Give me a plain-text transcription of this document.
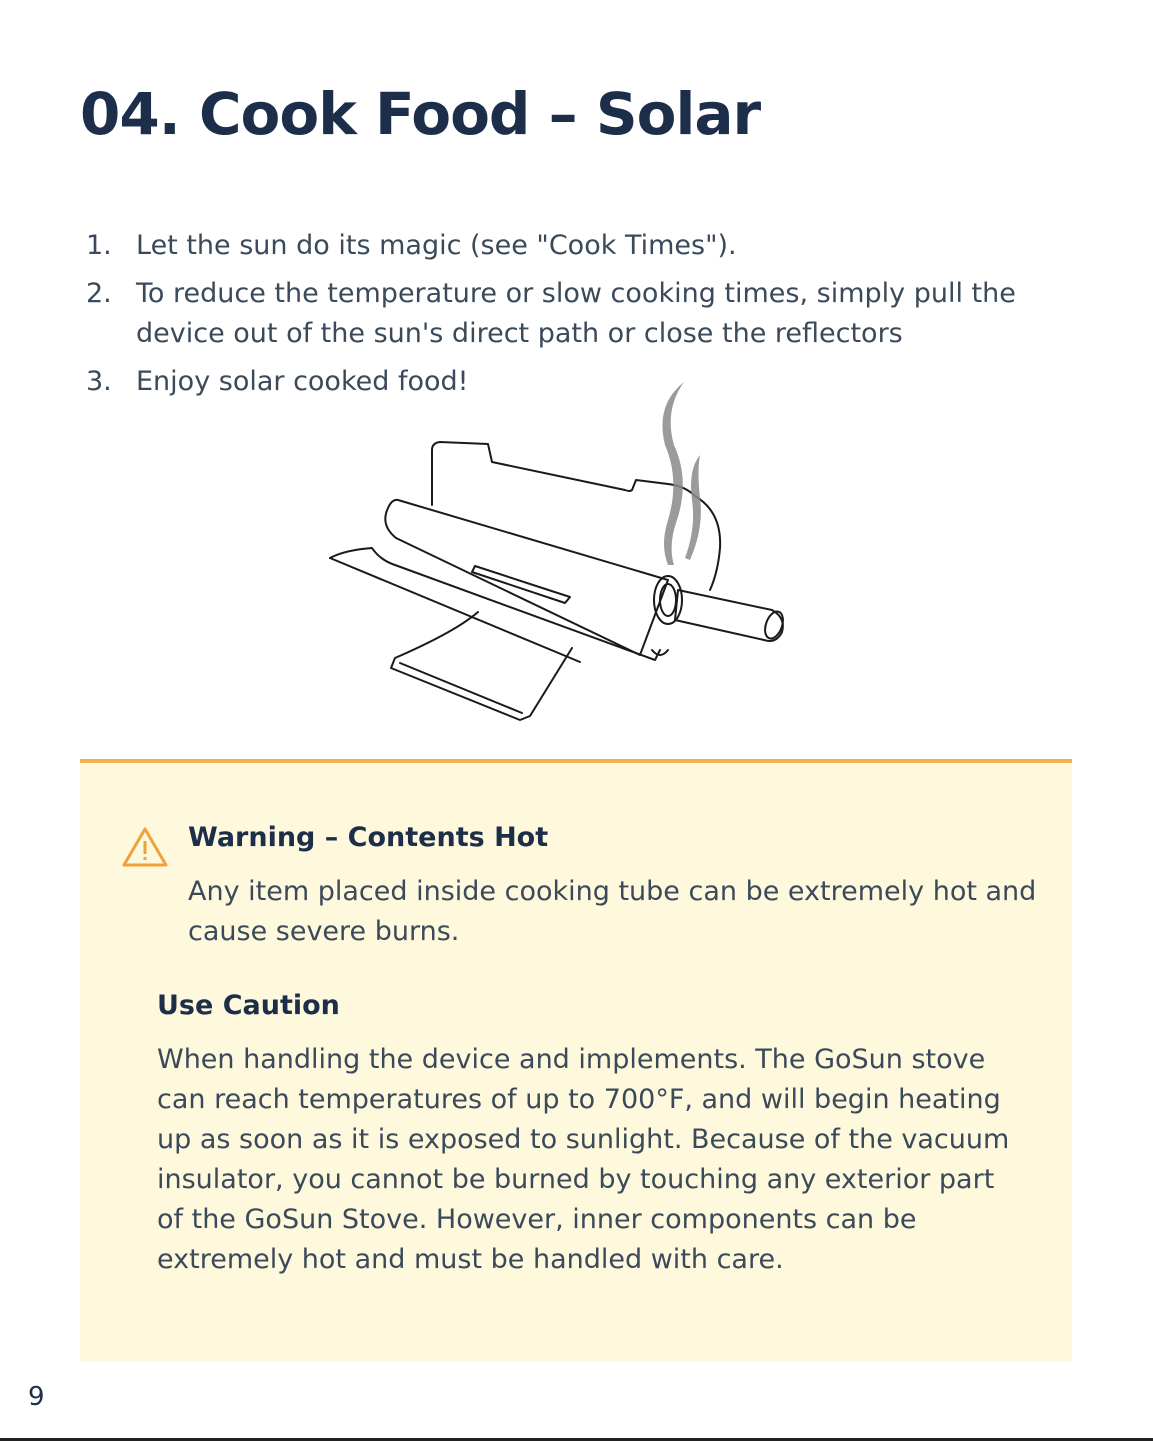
04. Cook Food – Solar
1. Let the sun do its magic (see "Cook Times").
2. To reduce the temperature or slow cooking times, simply pull the device out of the sun's direct path or close the reflectors
3. Enjoy solar cooked food!
Warning – Contents Hot

Any item placed inside cooking tube can be extremely hot and cause severe burns.

Use Caution

When handling the device and implements. The GoSun stove can reach temperatures of up to 700°F, and will begin heating up as soon as it is exposed to sunlight. Because of the vacuum insulator, you cannot be burned by touching any exterior part of the GoSun Stove. However, inner components can be extremely hot and must be handled with care.

9
